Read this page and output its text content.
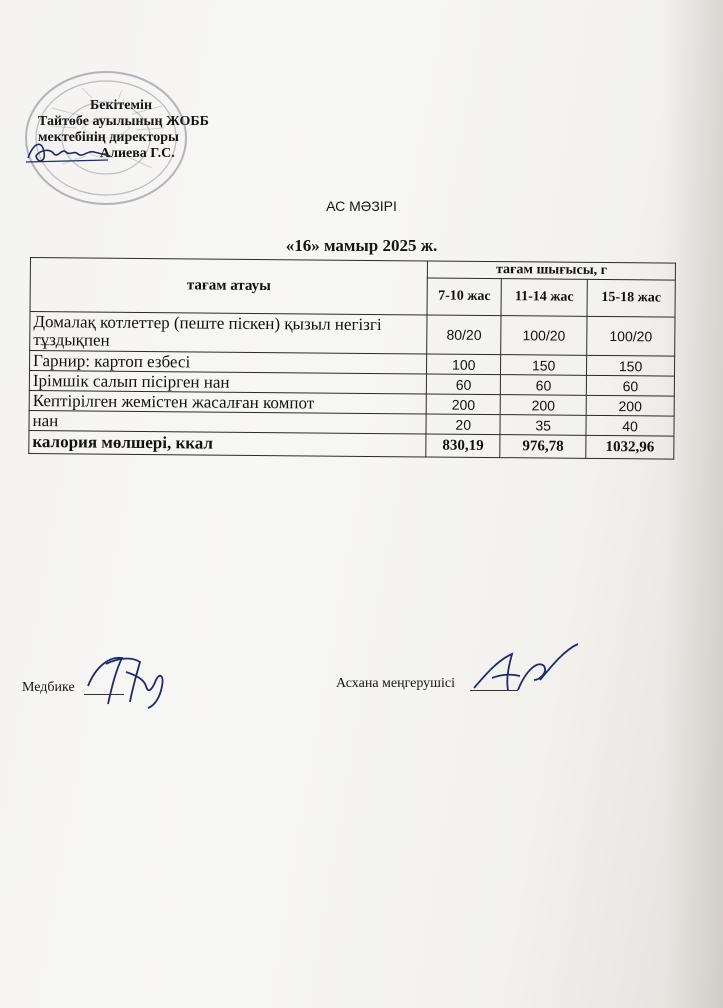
Бекітемін
Тайтөбе ауылының ЖОББ
мектебінің директоры
Алиева Г.С.
АС МӘЗІРІ
«16» мамыр 2025 ж.
тағам атауы	тағам шығысы, г		
	7-10 жас	11-14 жас	15-18 жас
Домалақ котлеттер (пеште піскен) қызыл негізгі тұздықпен	80/20	100/20	100/20
Гарнир: картоп езбесі	100	150	150
Ірімшік салып пісірген нан	60	60	60
Кептірілген жемістен жасалған компот	200	200	200
нан	20	35	40
калория мөлшері, ккал	830,19	976,78	1032,96
Медбике	Асхана меңгерушісі
